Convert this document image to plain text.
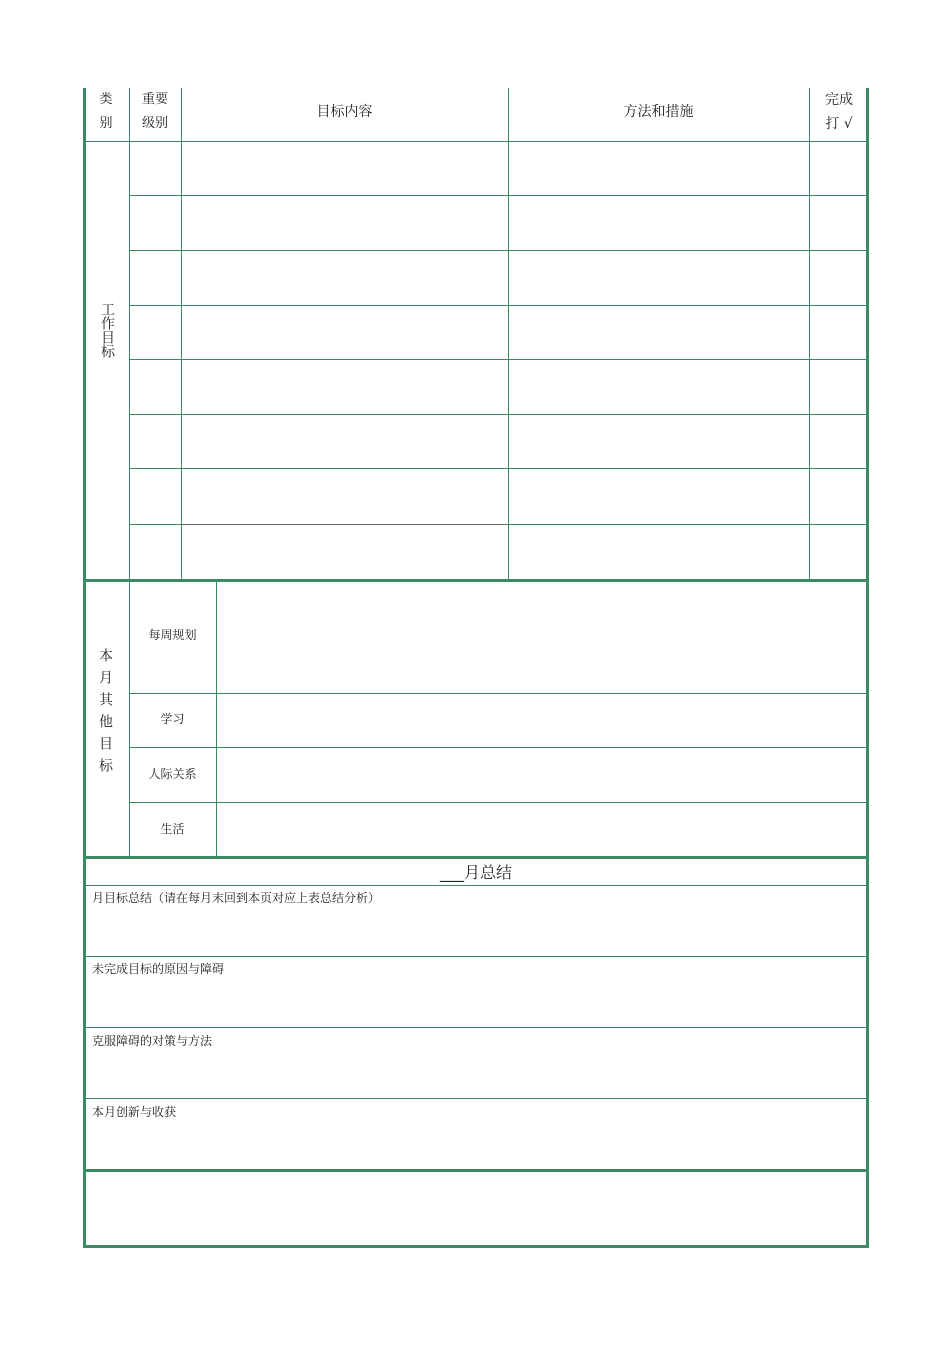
类
别
重要
级别
目标内容	方法和措施
完成
打 √
工作目标
本月其他目标
每周规划
学习
人际关系
生活
___月总结
月目标总结（请在每月末回到本页对应上表总结分析）
未完成目标的原因与障碍
克服障碍的对策与方法
本月创新与收获
